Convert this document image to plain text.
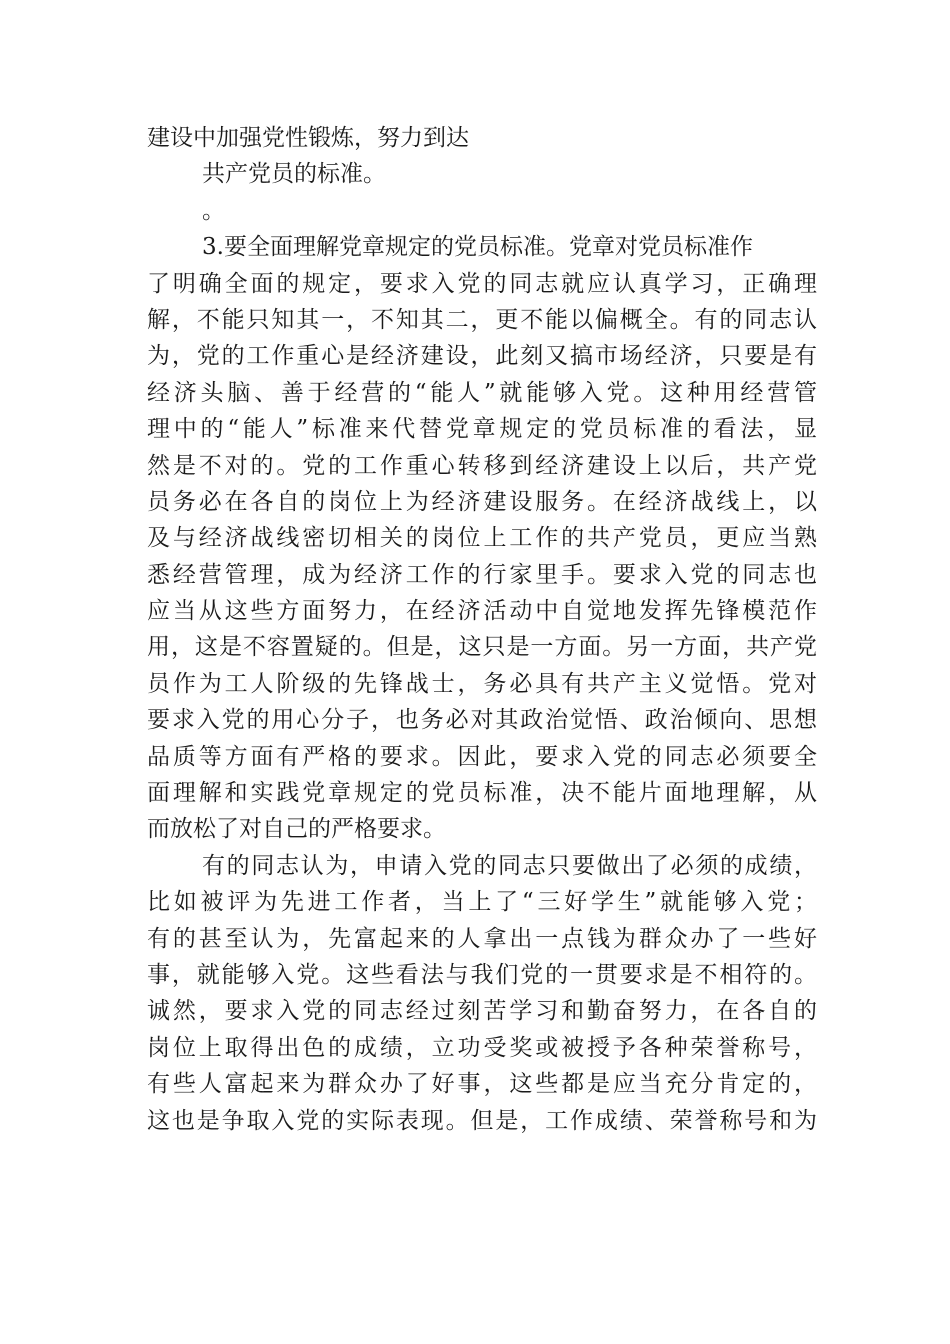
建设中加强党性锻炼，努力到达
共产党员的标准。
。
3.要全面理解党章规定的党员标准。党章对党员标准作
了明确全面的规定，要求入党的同志就应认真学习，正确理
解，不能只知其一，不知其二，更不能以偏概全。有的同志认
为，党的工作重心是经济建设，此刻又搞市场经济，只要是有
经济头脑、善于经营的“能人”就能够入党。这种用经营管
理中的“能人”标准来代替党章规定的党员标准的看法，显
然是不对的。党的工作重心转移到经济建设上以后，共产党
员务必在各自的岗位上为经济建设服务。在经济战线上，以
及与经济战线密切相关的岗位上工作的共产党员，更应当熟
悉经营管理，成为经济工作的行家里手。要求入党的同志也
应当从这些方面努力，在经济活动中自觉地发挥先锋模范作
用，这是不容置疑的。但是，这只是一方面。另一方面，共产党
员作为工人阶级的先锋战士，务必具有共产主义觉悟。党对
要求入党的用心分子，也务必对其政治觉悟、政治倾向、思想
品质等方面有严格的要求。因此，要求入党的同志必须要全
面理解和实践党章规定的党员标准，决不能片面地理解，从
而放松了对自己的严格要求。
有的同志认为，申请入党的同志只要做出了必须的成绩，
比如被评为先进工作者，当上了“三好学生”就能够入党；
有的甚至认为，先富起来的人拿出一点钱为群众办了一些好
事，就能够入党。这些看法与我们党的一贯要求是不相符的。
诚然，要求入党的同志经过刻苦学习和勤奋努力，在各自的
岗位上取得出色的成绩，立功受奖或被授予各种荣誉称号，
有些人富起来为群众办了好事，这些都是应当充分肯定的，
这也是争取入党的实际表现。但是，工作成绩、荣誉称号和为
